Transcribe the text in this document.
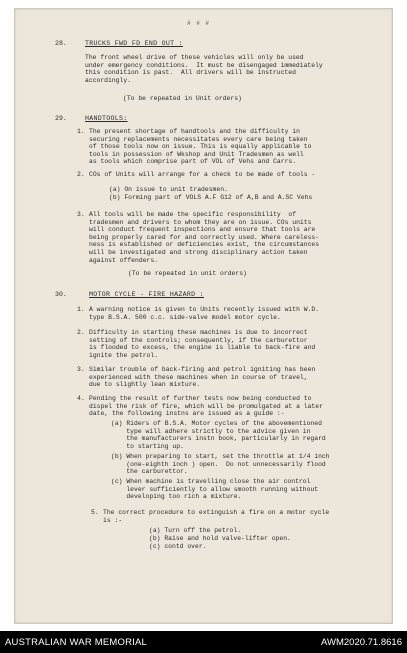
# # #
28.	TRUCKS FWD FD END OUT :
The front wheel drive of these vehicles will only be used
under emergency conditions.  It must be disengaged immediately
this condition is past.  All drivers will be instructed
accordingly.
(To be repeated in Unit orders)
29.	HANDTOOLS:
1. The present shortage of handtools and the difficulty in
securing replacements necessitates every care being taken
of those tools now on issue. This is equally applicable to
tools in possession of Wkshop and Unit Tradesmen as well
as tools which comprise part of VOL of Vehs and Carrs.
2. COs of Units will arrange for a check to be made of tools -
(a) On issue to unit tradesmen.
(b) Forming part of VOLS A.F G12 of A,B and A.SC Vehs
3. All tools will be made the specific responsibility  of
tradesmen and drivers to whom they are on issue. COs units
will conduct frequent inspections and ensure that tools are
being properly cared for and correctly used. Where careless-
ness is established or deficiencies exist, the circumstances
will be investigated and strong disciplinary action taken
against offenders.
(To be repeated in unit orders)
30.	MOTOR CYCLE - FIRE HAZARD :
1. A warning notice is given to Units recently issued with W.D.
type B.S.A. 500 c.c. side-valve model motor cycle.
2. Difficulty in starting these machines is due to incorrect
setting of the controls; consequently, if the carburettor
is flooded to excess, the engine is liable to back-fire and
ignite the petrol.
3. Similar trouble of back-firing and petrol igniting has been
experienced with these machines when in course of travel,
due to slightly lean mixture.
4. Pending the result of further tests now being conducted to
dispel the risk of fire, which will be promulgated at a later
date, the following instns are issued as a guide :-
(a) Riders of B.S.A. Motor cycles of the abovementioned
type will adhere strictly to the advice given in
the manufacturers instn book, particularly in regard
to starting up.
(b) When preparing to start, set the throttle at 1/4 inch
(one-eighth inch ) open.  Do not unnecessarily flood
the carburettor.
(c) When machine is travelling close the air control
lever sufficiently to allow smooth running without
developing too rich a mixture.
5. The correct procedure to extinguish a fire on a motor cycle
is :-
(a) Turn off the petrol.
(b) Raise and hold valve-lifter open.
(c) contd over.
AUSTRALIAN WAR MEMORIAL	AWM2020.71.8616
